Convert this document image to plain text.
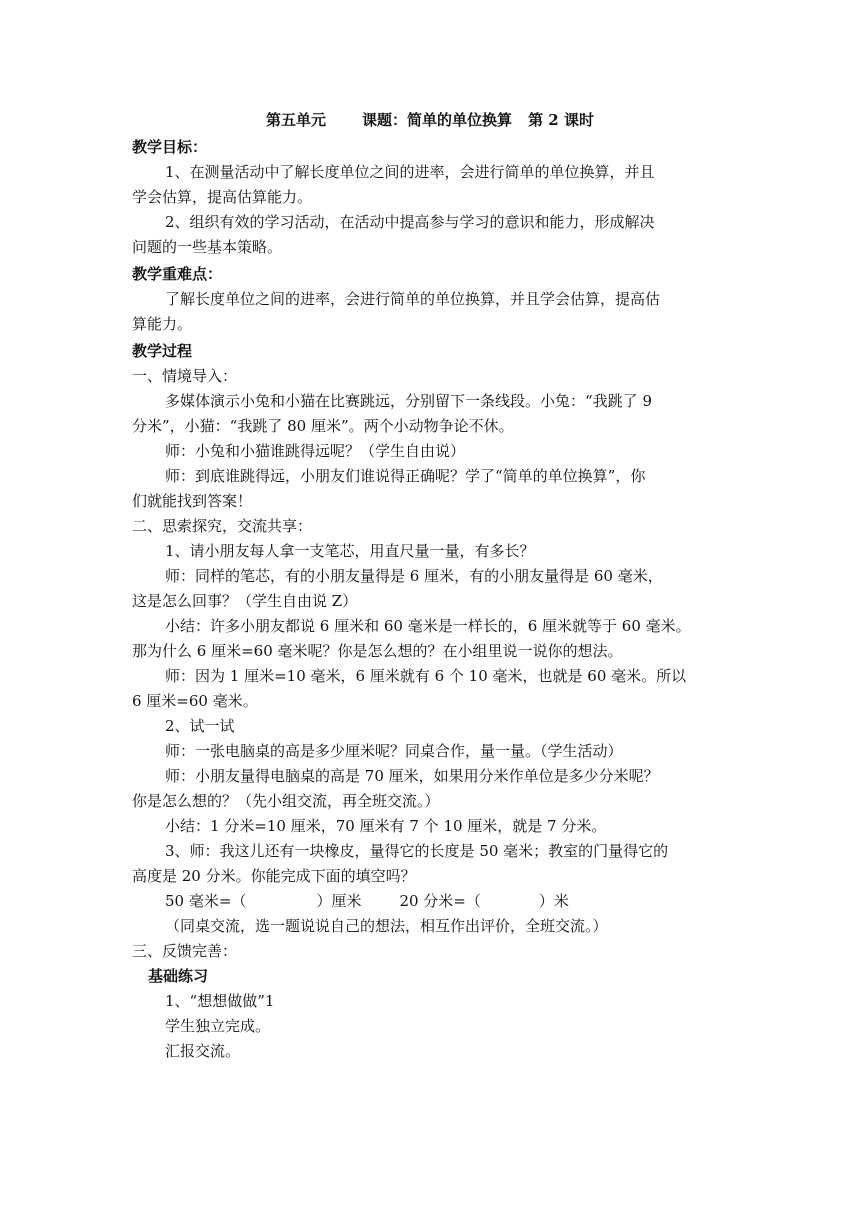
第五单元 课题：简单的单位换算 第 2 课时
教学目标：
1、在测量活动中了解长度单位之间的进率，会进行简单的单位换算，并且
学会估算，提高估算能力。
2、组织有效的学习活动，在活动中提高参与学习的意识和能力，形成解决
问题的一些基本策略。
教学重难点：
了解长度单位之间的进率，会进行简单的单位换算，并且学会估算，提高估
算能力。
教学过程
一、情境导入：
多媒体演示小兔和小猫在比赛跳远，分别留下一条线段。小兔：“我跳了 9
分米”，小猫：“我跳了 80 厘米”。两个小动物争论不休。
师：小兔和小猫谁跳得远呢？（学生自由说）
师：到底谁跳得远，小朋友们谁说得正确呢？学了“简单的单位换算”，你
们就能找到答案！
二、思索探究，交流共享：
1、请小朋友每人拿一支笔芯，用直尺量一量，有多长？
师：同样的笔芯，有的小朋友量得是 6 厘米，有的小朋友量得是 60 毫米，
这是怎么回事？（学生自由说 Z）
小结：许多小朋友都说 6 厘米和 60 毫米是一样长的，6 厘米就等于 60 毫米。
那为什么 6 厘米=60 毫米呢？你是怎么想的？在小组里说一说你的想法。
师：因为 1 厘米=10 毫米，6 厘米就有 6 个 10 毫米，也就是 60 毫米。所以
6 厘米=60 毫米。
2、试一试
师：一张电脑桌的高是多少厘米呢？同桌合作，量一量。（学生活动）
师：小朋友量得电脑桌的高是 70 厘米，如果用分米作单位是多少分米呢？
你是怎么想的？（先小组交流，再全班交流。）
小结：1 分米=10 厘米，70 厘米有 7 个 10 厘米，就是 7 分米。
3、师：我这儿还有一块橡皮，量得它的长度是 50 毫米；教室的门量得它的
高度是 20 分米。你能完成下面的填空吗？
50 毫米=（	）厘米	20 分米=（	）米
（同桌交流，选一题说说自己的想法，相互作出评价，全班交流。）
三、反馈完善：
基础练习
1、“想想做做”1
学生独立完成。
汇报交流。
